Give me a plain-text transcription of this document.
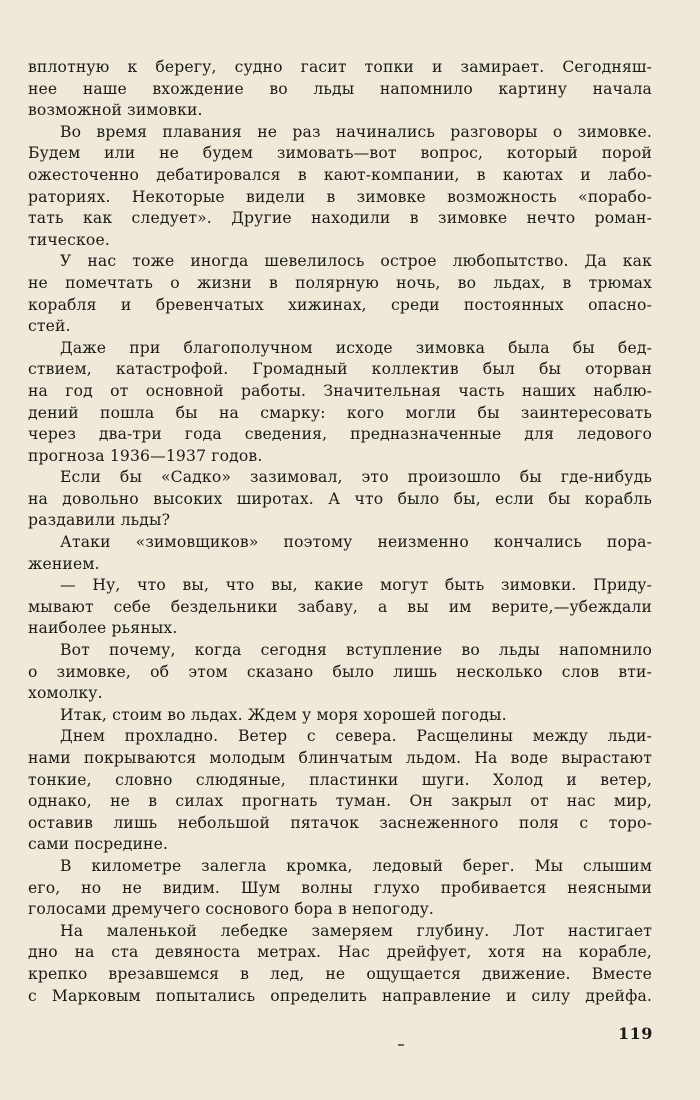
вплотную к берегу, судно гасит топки и замирает. Сегодняш-
нее наше вхождение во льды напомнило картину начала
возможной зимовки.

Во время плавания не раз начинались разговоры о зимовке.
Будем или не будем зимовать—вот вопрос, который порой
ожесточенно дебатировался в кают-компании, в каютах и лабо-
раториях. Некоторые видели в зимовке возможность «порабо-
тать как следует». Другие находили в зимовке нечто роман-
тическое.

У нас тоже иногда шевелилось острое любопытство. Да как
не помечтать о жизни в полярную ночь, во льдах, в трюмах
корабля и бревенчатых хижинах, среди постоянных опасно-
стей.

Даже при благополучном исходе зимовка была бы бед-
ствием, катастрофой. Громадный коллектив был бы оторван
на год от основной работы. Значительная часть наших наблю-
дений пошла бы на смарку: кого могли бы заинтересовать
через два-три года сведения, предназначенные для ледового
прогноза 1936—1937 годов.

Если бы «Садко» зазимовал, это произошло бы где-нибудь
на довольно высоких широтах. А что было бы, если бы корабль
раздавили льды?

Атаки «зимовщиков» поэтому неизменно кончались пора-
жением.

— Ну, что вы, что вы, какие могут быть зимовки. Приду-
мывают себе бездельники забаву, а вы им верите,—убеждали
наиболее рьяных.

Вот почему, когда сегодня вступление во льды напомнило
о зимовке, об этом сказано было лишь несколько слов вти-
хомолку.

Итак, стоим во льдах. Ждем у моря хорошей погоды.

Днем прохладно. Ветер с севера. Расщелины между льди-
нами покрываются молодым блинчатым льдом. На воде вырастают
тонкие, словно слюдяные, пластинки шуги. Холод и ветер,
однако, не в силах прогнать туман. Он закрыл от нас мир,
оставив лишь небольшой пятачок заснеженного поля с торо-
сами посредине.

В километре залегла кромка, ледовый берег. Мы слышим
его, но не видим. Шум волны глухо пробивается неясными
голосами дремучего соснового бора в непогоду.

На маленькой лебедке замеряем глубину. Лот настигает
дно на ста девяноста метрах. Нас дрейфует, хотя на корабле,
крепко врезавшемся в лед, не ощущается движение. Вместе
с Марковым попытались определить направление и силу дрейфа.

119
